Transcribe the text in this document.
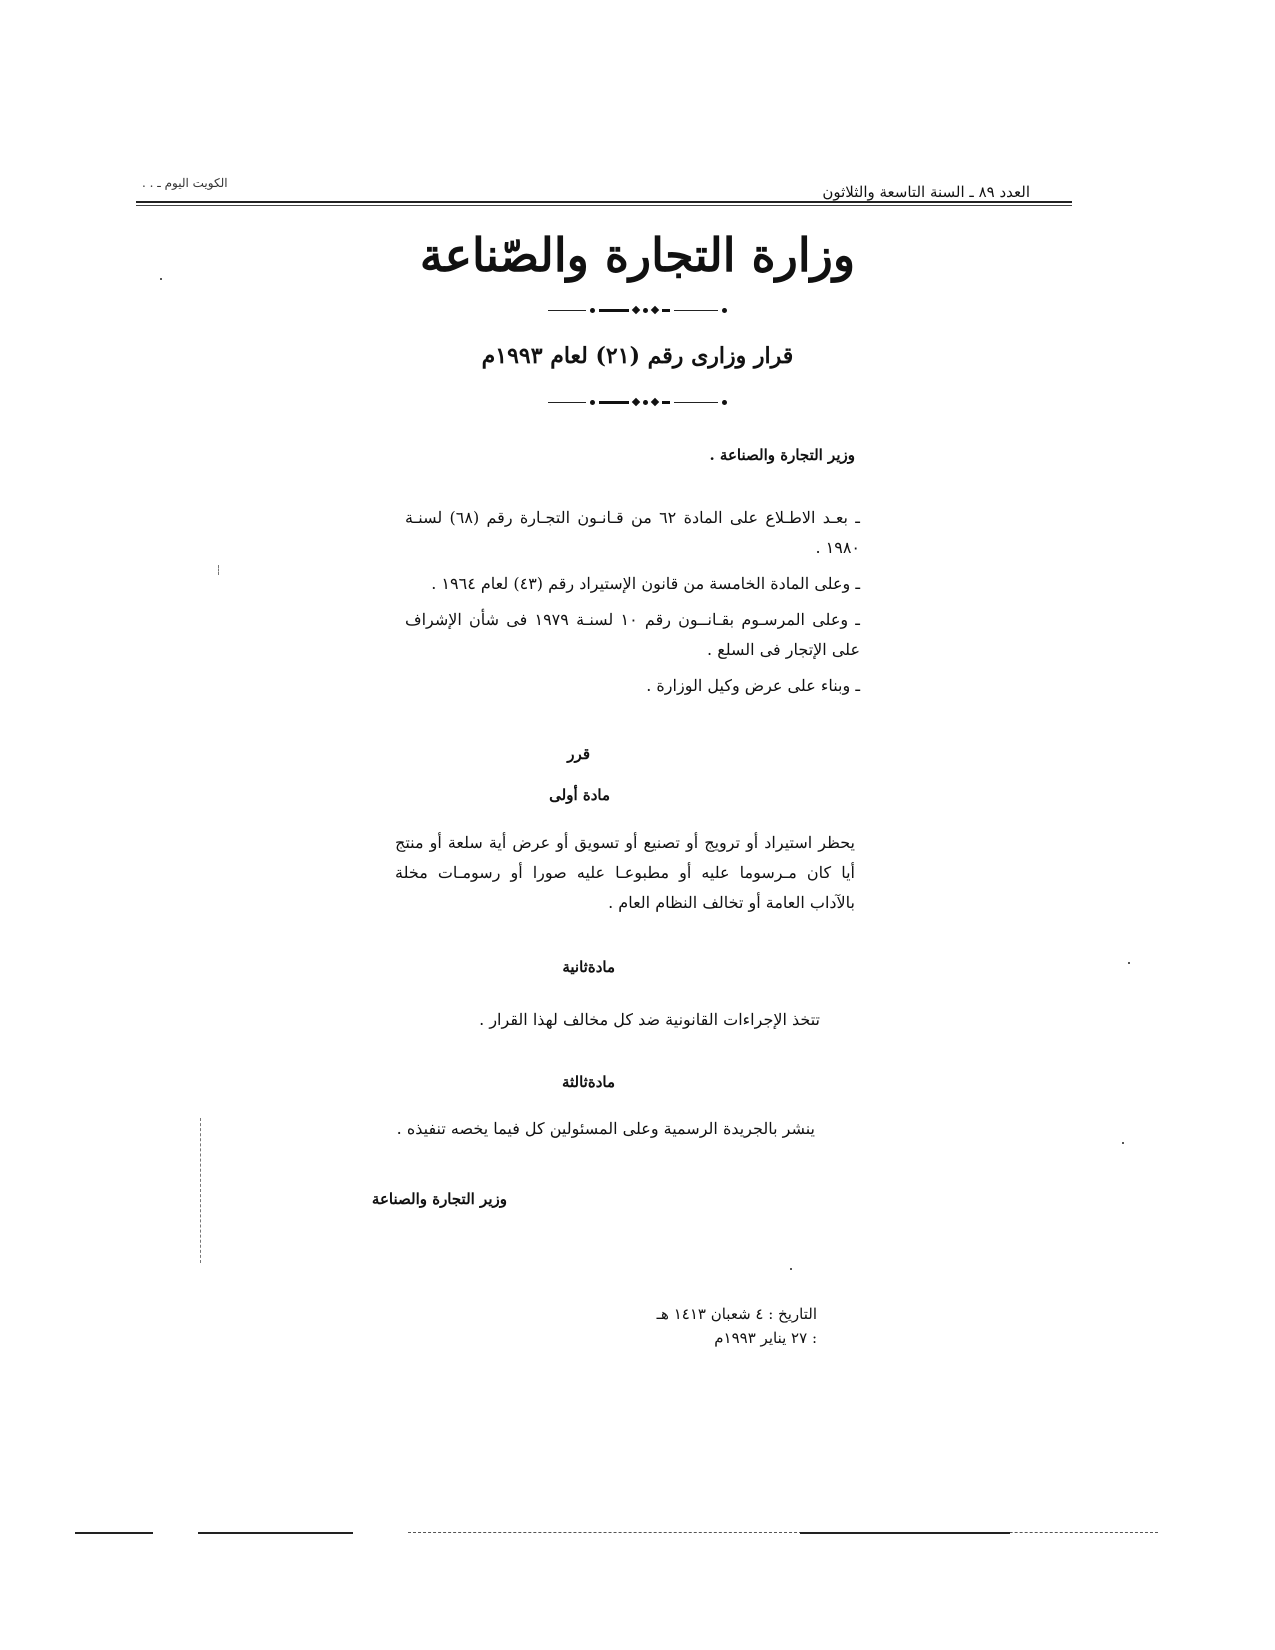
العدد ٨٩ ـ السنة التاسعة والثلاثون
الكويت اليوم ـ . .
وزارة التجارة والصّناعة
قرار وزارى رقم (٢١) لعام ١٩٩٣م
وزير التجارة والصناعة .

ـ بعـد الاطـلاع على المادة ٦٢ من قـانـون التجـارة رقم (٦٨) لسنـة ١٩٨٠ .

ـ وعلى المادة الخامسة من قانون الإستيراد رقم (٤٣) لعام ١٩٦٤ .

ـ وعلى المرسـوم بقـانــون رقم ١٠ لسنـة ١٩٧٩ فى شأن الإشراف على الإتجار فى السلع .

ـ وبناء على عرض وكيل الوزارة .

قرر
مادة أولى
يحظر استيراد أو ترويج أو تصنيع أو تسويق أو عرض أية سلعة أو منتج أيا كان مـرسوما عليه أو مطبوعـا عليه صورا أو رسومـات مخلة بالآداب العامة أو تخالف النظام العام .
مادةثانية
تتخذ الإجراءات القانونية ضد كل مخالف لهذا القرار .
مادةثالثة
ينشر بالجريدة الرسمية وعلى المسئولين كل فيما يخصه تنفيذه .
وزير التجارة والصناعة
التاريخ : ٤ شعبان ١٤١٣ هـ
: ٢٧ يناير ١٩٩٣م
